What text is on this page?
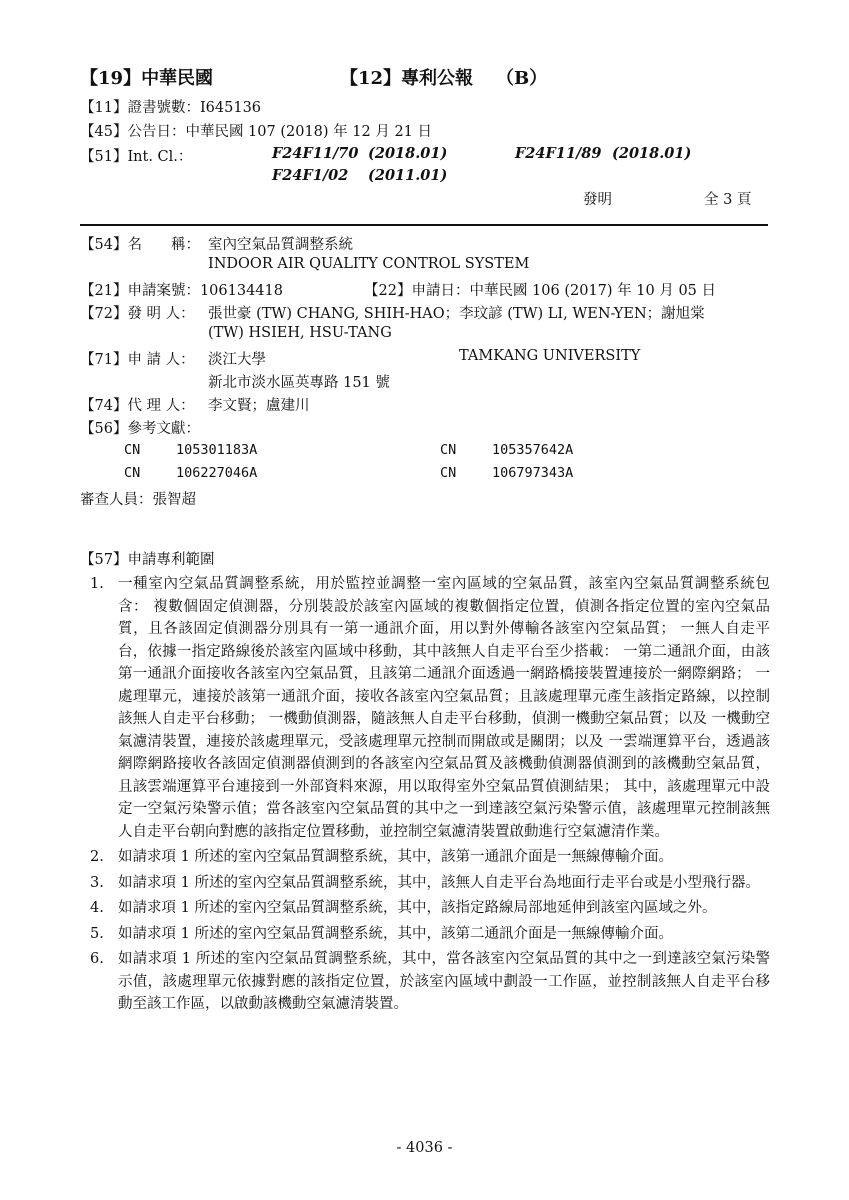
【19】中華民國	【12】專利公報 （B）
【11】證書號數：I645136
【45】公告日：中華民國 107 (2018) 年 12 月 21 日
【51】Int. Cl.：	F24F11/70 (2018.01)	F24F11/89 (2018.01)
F24F1/02 (2011.01)
發明	全 3 頁
【54】名　　稱： 室內空氣品質調整系統
INDOOR AIR QUALITY CONTROL SYSTEM
【21】申請案號：106134418	【22】申請日：中華民國 106 (2017) 年 10 月 05 日
【72】發 明 人： 張世豪 (TW) CHANG, SHIH-HAO；李玟諺 (TW) LI, WEN-YEN；謝旭棠
(TW) HSIEH, HSU-TANG
【71】申 請 人： 淡江大學	TAMKANG UNIVERSITY
新北市淡水區英專路 151 號
【74】代 理 人： 李文賢；盧建川
【56】參考文獻：
CN	105301183A	CN	105357642A
CN	106227046A	CN	106797343A
審查人員：張智超
【57】申請專利範圍
1. 一種室內空氣品質調整系統，用於監控並調整一室內區域的空氣品質，該室內空氣品質調整系統包含： 複數個固定偵測器，分別裝設於該室內區域的複數個指定位置，偵測各指定位置的室內空氣品質，且各該固定偵測器分別具有一第一通訊介面，用以對外傳輸各該室內空氣品質； 一無人自走平台，依據一指定路線後於該室內區域中移動，其中該無人自走平台至少搭載： 一第二通訊介面，由該第一通訊介面接收各該室內空氣品質，且該第二通訊介面透過一網路橋接裝置連接於一網際網路； 一處理單元，連接於該第一通訊介面，接收各該室內空氣品質；且該處理單元產生該指定路線，以控制該無人自走平台移動； 一機動偵測器，隨該無人自走平台移動，偵測一機動空氣品質；以及 一機動空氣濾清裝置，連接於該處理單元，受該處理單元控制而開啟或是關閉；以及 一雲端運算平台，透過該網際網路接收各該固定偵測器偵測到的各該室內空氣品質及該機動偵測器偵測到的該機動空氣品質，且該雲端運算平台連接到一外部資料來源，用以取得室外空氣品質偵測結果； 其中，該處理單元中設定一空氣污染警示值；當各該室內空氣品質的其中之一到達該空氣污染警示值，該處理單元控制該無人自走平台朝向對應的該指定位置移動，並控制空氣濾清裝置啟動進行空氣濾清作業。
2. 如請求項 1 所述的室內空氣品質調整系統，其中，該第一通訊介面是一無線傳輸介面。
3. 如請求項 1 所述的室內空氣品質調整系統，其中，該無人自走平台為地面行走平台或是小型飛行器。
4. 如請求項 1 所述的室內空氣品質調整系統，其中，該指定路線局部地延伸到該室內區域之外。
5. 如請求項 1 所述的室內空氣品質調整系統，其中，該第二通訊介面是一無線傳輸介面。
6. 如請求項 1 所述的室內空氣品質調整系統，其中，當各該室內空氣品質的其中之一到達該空氣污染警示值，該處理單元依據對應的該指定位置，於該室內區域中劃設一工作區，並控制該無人自走平台移動至該工作區，以啟動該機動空氣濾清裝置。
- 4036 -
